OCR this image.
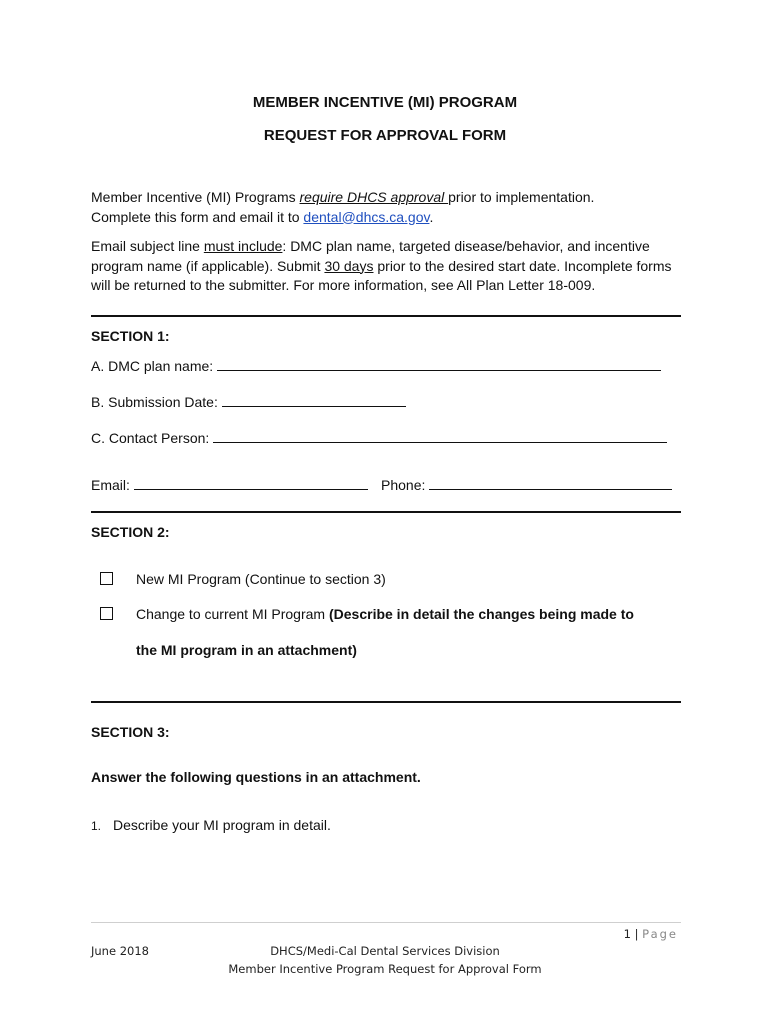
MEMBER INCENTIVE (MI) PROGRAM
REQUEST FOR APPROVAL FORM
Member Incentive (MI) Programs require DHCS approval prior to implementation.
Complete this form and email it to dental@dhcs.ca.gov.
Email subject line must include: DMC plan name, targeted disease/behavior, and incentive program name (if applicable). Submit 30 days prior to the desired start date. Incomplete forms will be returned to the submitter. For more information, see All Plan Letter 18-009.
SECTION 1:
A. DMC plan name:
B. Submission Date:
C. Contact Person:
Email:	Phone:
SECTION 2:
New MI Program (Continue to section 3)
Change to current MI Program (Describe in detail the changes being made to
the MI program in an attachment)
SECTION 3:
Answer the following questions in an attachment.
1. Describe your MI program in detail.
1 | Page
June 2018	DHCS/Medi-Cal Dental Services Division
Member Incentive Program Request for Approval Form
